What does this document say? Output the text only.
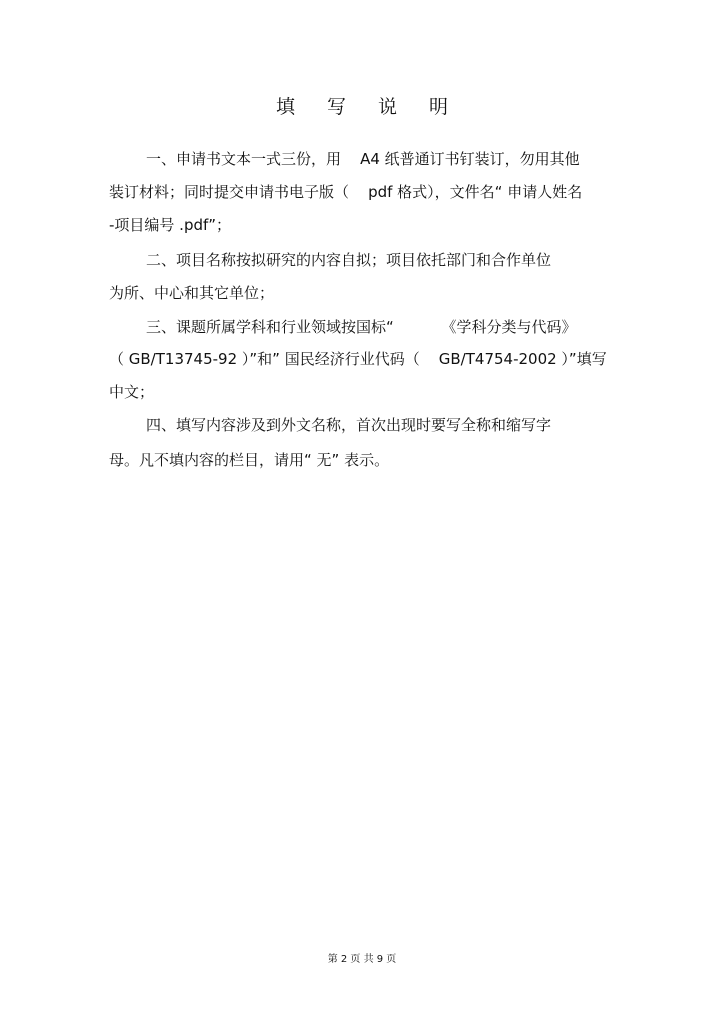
填 写 说 明

一、申请书文本一式三份，用    A4 纸普通订书钉装订，勿用其他

装订材料；同时提交申请书电子版（    pdf 格式），文件名“ 申请人姓名

-项目编号 .pdf”；

二、项目名称按拟研究的内容自拟；项目依托部门和合作单位

为所、中心和其它单位；

三、课题所属学科和行业领域按国标“          《学科分类与代码》

（ GB/T13745-92 ）”和” 国民经济行业代码（    GB/T4754-2002 ）”填写

中文；

四、填写内容涉及到外文名称，首次出现时要写全称和缩写字

母。凡不填内容的栏目，请用“ 无” 表示。

第 2 页 共 9 页
